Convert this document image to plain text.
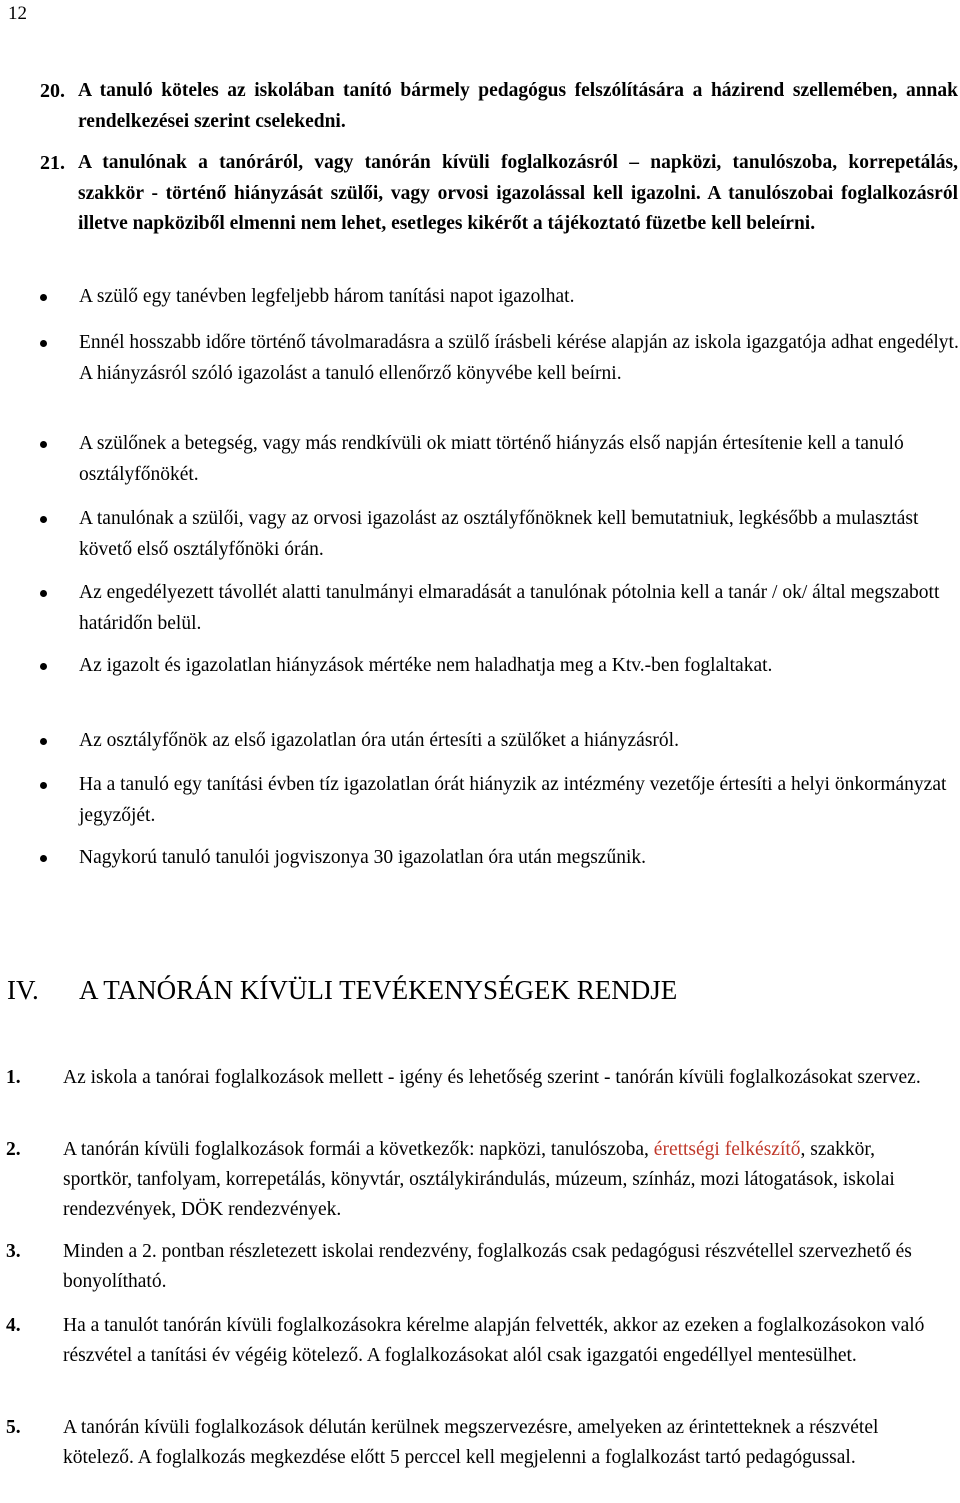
12
20. A tanuló köteles az iskolában tanító bármely pedagógus felszólítására a házirend szellemében, annak rendelkezései szerint cselekedni.
21. A tanulónak a tanóráról, vagy tanórán kívüli foglalkozásról – napközi, tanulószoba, korrepetálás, szakkör - történő hiányzását szülői, vagy orvosi igazolással kell igazolni. A tanulószobai foglalkozásról illetve napköziből elmenni nem lehet, esetleges kikérőt a tájékoztató füzetbe kell beleírni.
A szülő egy tanévben legfeljebb három tanítási napot igazolhat.
Ennél hosszabb időre történő távolmaradásra a szülő írásbeli kérése alapján az iskola igazgatója adhat engedélyt. A hiányzásról szóló igazolást a tanuló ellenőrző könyvébe kell beírni.
A szülőnek a betegség, vagy más rendkívüli ok miatt történő hiányzás első napján értesítenie kell a tanuló osztályfőnökét.
A tanulónak a szülői, vagy az orvosi igazolást az osztályfőnöknek kell bemutatniuk, legkésőbb a mulasztást követő első osztályfőnöki órán.
Az engedélyezett távollét alatti tanulmányi elmaradását a tanulónak pótolnia kell a tanár / ok/ által megszabott határidőn belül.
Az igazolt és igazolatlan hiányzások mértéke nem haladhatja meg a Ktv.-ben foglaltakat.
Az osztályfőnök az első igazolatlan óra után értesíti a szülőket a hiányzásról.
Ha a tanuló egy tanítási évben tíz igazolatlan órát hiányzik az intézmény vezetője értesíti a helyi önkormányzat jegyzőjét.
Nagykorú tanuló tanulói jogviszonya 30 igazolatlan óra után megszűnik.
IV. A TANÓRÁN KÍVÜLI TEVÉKENYSÉGEK RENDJE
1. Az iskola a tanórai foglalkozások mellett - igény és lehetőség szerint - tanórán kívüli foglalkozásokat szervez.
2. A tanórán kívüli foglalkozások formái a következők: napközi, tanulószoba, érettségi felkészítő, szakkör, sportkör, tanfolyam, korrepetálás, könyvtár, osztálykirándulás, múzeum, színház, mozi látogatások, iskolai rendezvények, DÖK rendezvények.
3. Minden a 2. pontban részletezett iskolai rendezvény, foglalkozás csak pedagógusi részvétellel szervezhető és bonyolítható.
4. Ha a tanulót tanórán kívüli foglalkozásokra kérelme alapján felvették, akkor az ezeken a foglalkozásokon való részvétel a tanítási év végéig kötelező. A foglalkozásokat alól csak igazgatói engedéllyel mentesülhet.
5. A tanórán kívüli foglalkozások délután kerülnek megszervezésre, amelyeken az érintetteknek a részvétel kötelező. A foglalkozás megkezdése előtt 5 perccel kell megjelenni a foglalkozást tartó pedagógussal.
